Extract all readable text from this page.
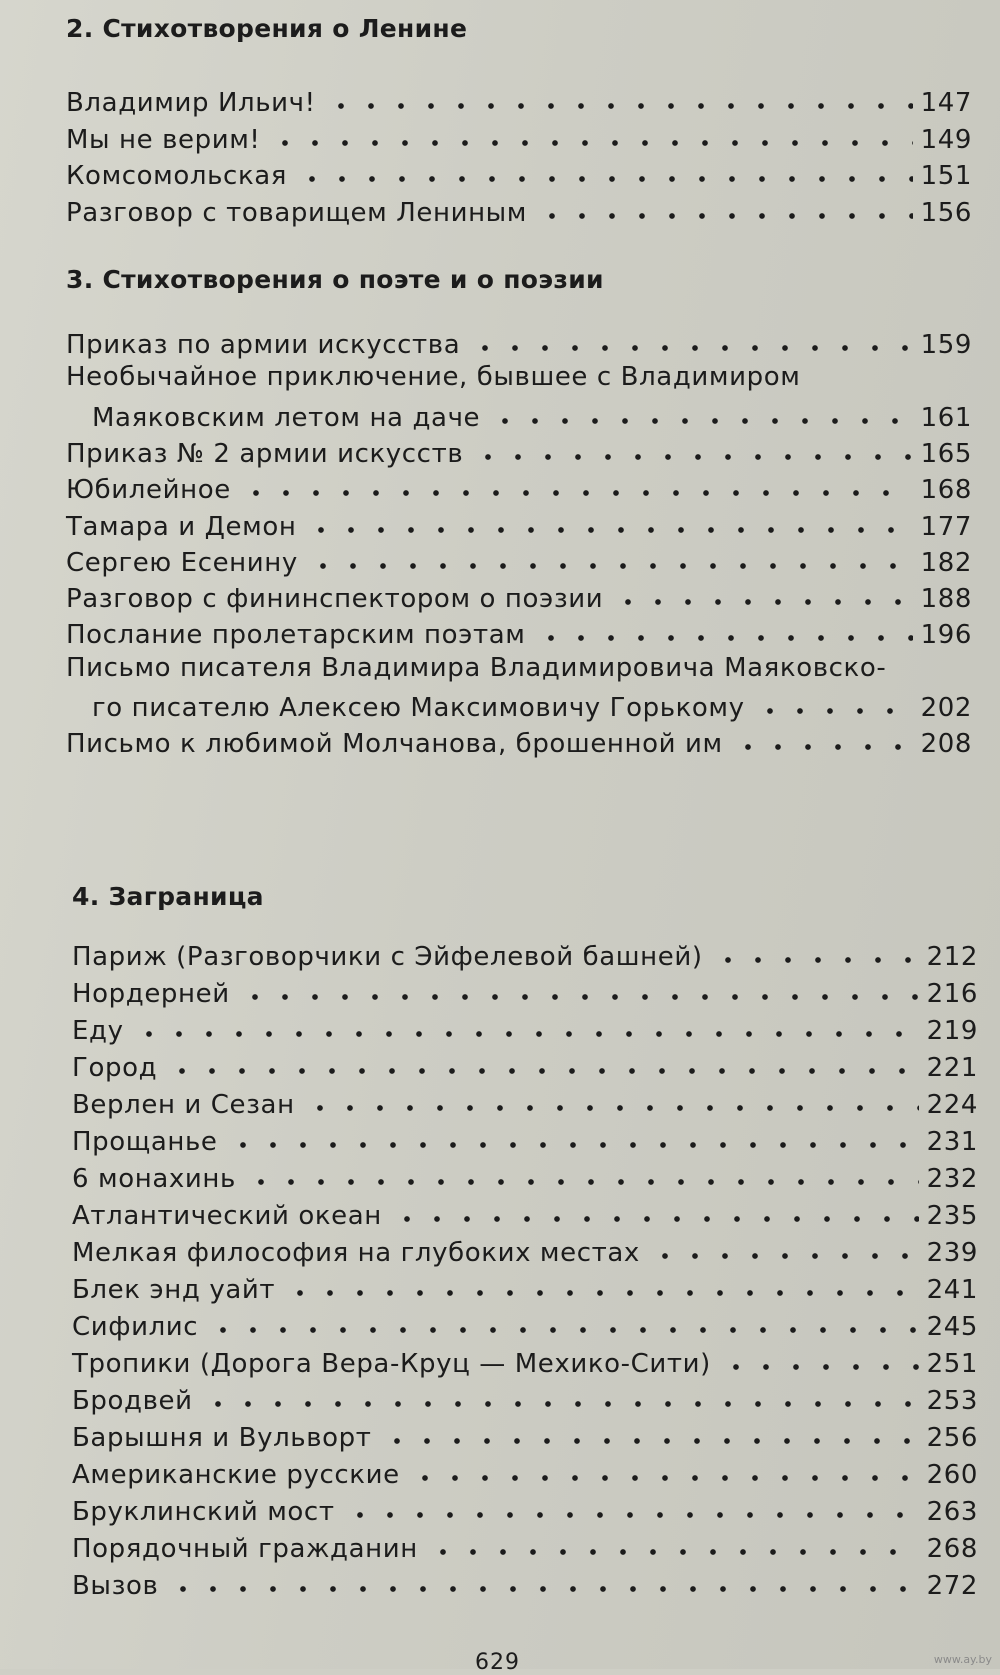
2. Стихотворения о Ленине
Владимир Ильич!	147
Мы не верим!	149
Комсомольская	151
Разговор с товарищем Лениным	156
3. Стихотворения о поэте и о поэзии
Приказ по армии искусства	159
Необычайное приключение, бывшее с Владимиром
Маяковским летом на даче	161
Приказ № 2 армии искусств	165
Юбилейное	168
Тамара и Демон	177
Сергею Есенину	182
Разговор с фининспектором о поэзии	188
Послание пролетарским поэтам	196
Письмо писателя Владимира Владимировича Маяковско-
го писателю Алексею Максимовичу Горькому	202
Письмо к любимой Молчанова, брошенной им	208
4. Заграница
Париж (Разговорчики с Эйфелевой башней)	212
Нордерней	216
Еду	219
Город	221
Верлен и Сезан	224
Прощанье	231
6 монахинь	232
Атлантический океан	235
Мелкая философия на глубоких местах	239
Блек энд уайт	241
Сифилис	245
Тропики (Дорога Вера-Круц — Мехико-Сити)	251
Бродвей	253
Барышня и Вульворт	256
Американские русские	260
Бруклинский мост	263
Порядочный гражданин	268
Вызов	272
629	www.ay.by
